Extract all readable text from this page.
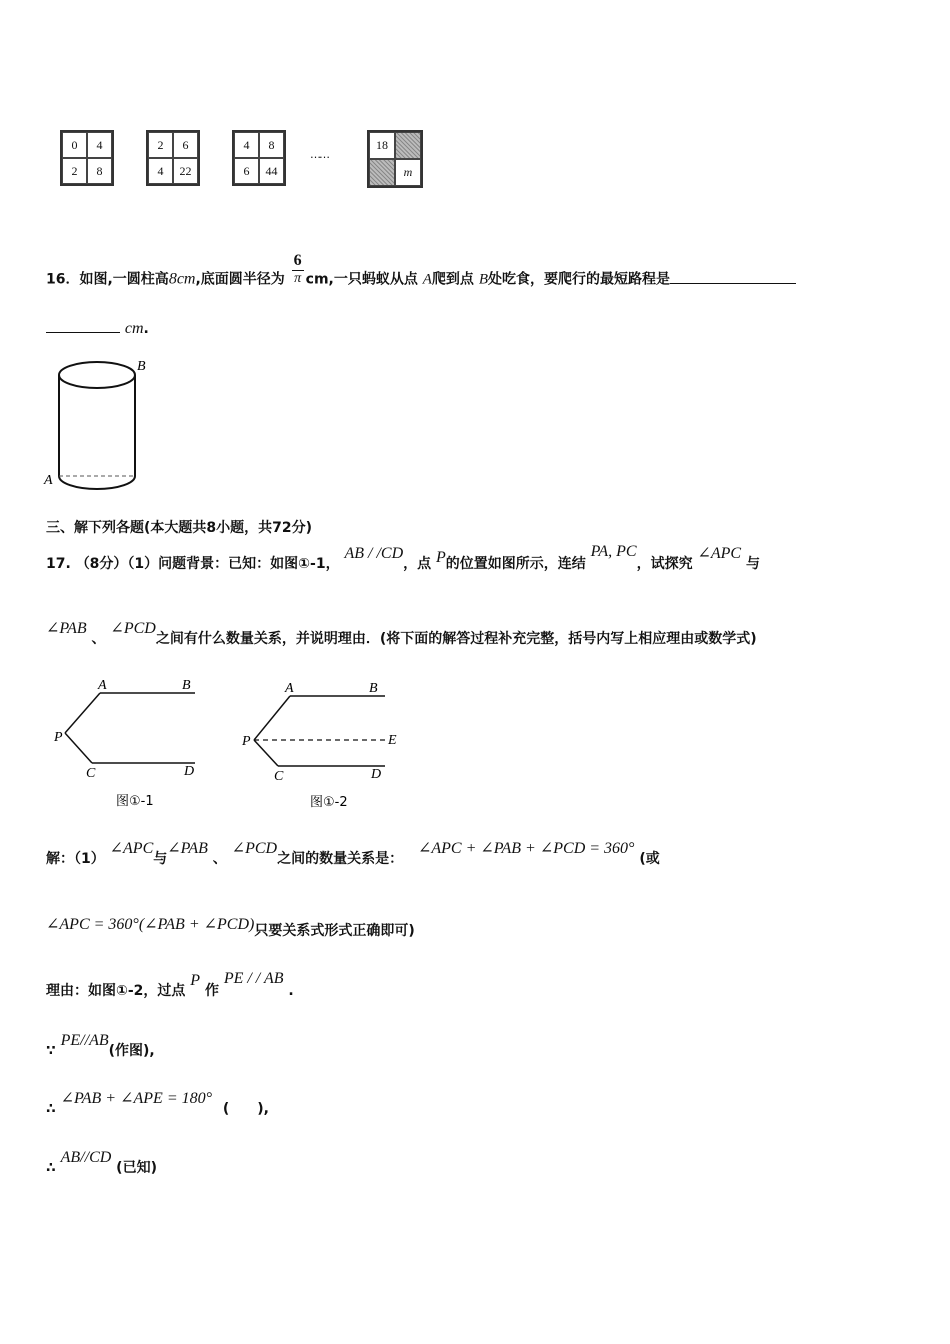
0	4
2	8
2	6
4	22
4	8
6	44
……
18
m
16．如图,一圆柱高8cm,底面圆半径为 $\frac{6}{\pi}$ cm,一只蚂蚁从点 A爬到点 B处吃食，要爬行的最短路程是
cm.
B
A
三、解下列各题(本大题共8小题，共72分)
17. （8分）（1）问题背景：已知：如图①-1， AB / /CD，点 P的位置如图所示，连结 PA, PC，试探究 ∠APC 与
∠PAB 、 ∠PCD之间有什么数量关系，并说明理由．(将下面的解答过程补充完整，括号内写上相应理由或数学式)
A	B
P
C	D
图①-1
A	B
P	E
C	D
图①-2
解：（1） ∠APC与∠PAB 、 ∠PCD之间的数量关系是： ∠APC + ∠PAB + ∠PCD = 360° (或
∠APC = 360°(∠PAB + ∠PCD)只要关系式形式正确即可)
理由：如图①-2，过点 P 作 PE / / AB .
∵ PE//AB(作图),
∴ ∠PAB + ∠APE = 180° (　　),
∴ AB//CD (已知)
